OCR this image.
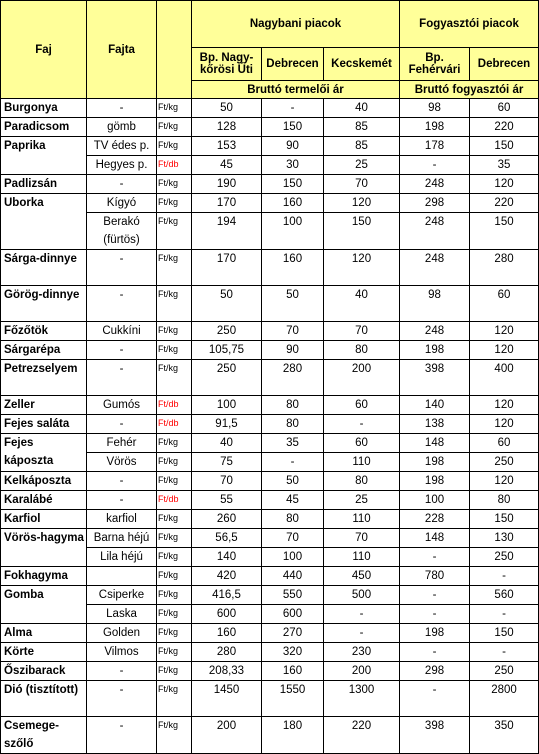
Faj	Fajta		Nagybani piacok			Fogyasztói piacok	
			Bp. Nagy-kőrösi Úti	Debrecen	Kecskemét	Bp. Fehérvári	Debrecen
			Bruttó termelői ár			Bruttó fogyasztói ár	
Burgonya	-	Ft/kg	50	-	40	98	60
Paradicsom	gömb	Ft/kg	128	150	85	198	220
Paprika	TV édes p.	Ft/kg	153	90	85	178	150
	Hegyes p.	Ft/db	45	30	25	-	35
Padlizsán	-	Ft/kg	190	150	70	248	120
Uborka	Kígyó	Ft/kg	170	160	120	298	220
	Berakó (fürtös)	Ft/kg	194	100	150	248	150
Sárga-dinnye	-	Ft/kg	170	160	120	248	280
Görög-dinnye	-	Ft/kg	50	50	40	98	60
Főzőtök	Cukkíni	Ft/kg	250	70	70	248	120
Sárgarépa	-	Ft/kg	105,75	90	80	198	120
Petrezselyem	-	Ft/kg	250	280	200	398	400
Zeller	Gumós	Ft/db	100	80	60	140	120
Fejes saláta	-	Ft/db	91,5	80	-	138	120
Fejes káposzta	Fehér	Ft/kg	40	35	60	148	60
	Vörös	Ft/kg	75	-	110	198	250
Kelkáposzta	-	Ft/kg	70	50	80	198	120
Karalábé	-	Ft/db	55	45	25	100	80
Karfiol	karfiol	Ft/kg	260	80	110	228	150
Vörös-hagyma	Barna héjú	Ft/kg	56,5	70	70	148	130
	Lila héjú	Ft/kg	140	100	110	-	250
Fokhagyma		Ft/kg	420	440	450	780	-
Gomba	Csiperke	Ft/kg	416,5	550	500	-	560
	Laska	Ft/kg	600	600	-	-	-
Alma	Golden	Ft/kg	160	270	-	198	150
Körte	Vilmos	Ft/kg	280	320	230	-	-
Őszibarack	-	Ft/kg	208,33	160	200	298	250
Dió (tisztított)	-	Ft/kg	1450	1550	1300	-	2800
Csemege-szőlő	-	Ft/kg	200	180	220	398	350
